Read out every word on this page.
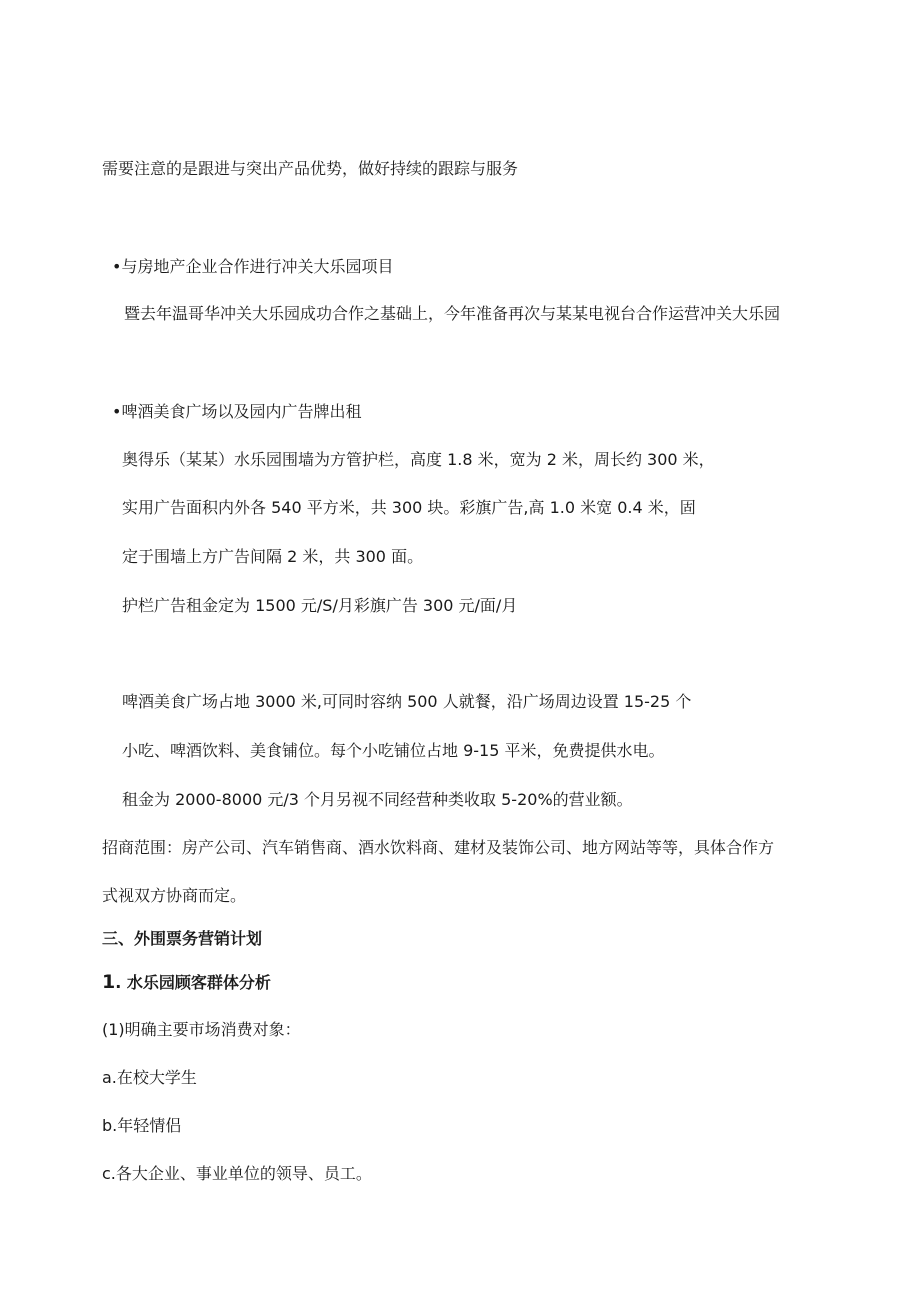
需要注意的是跟进与突出产品优势，做好持续的跟踪与服务
•与房地产企业合作进行冲关大乐园项目
暨去年温哥华冲关大乐园成功合作之基础上，今年准备再次与某某电视台合作运营冲关大乐园
•啤酒美食广场以及园内广告牌出租
奥得乐（某某）水乐园围墙为方管护栏，高度 1.8 米，宽为 2 米，周长约 300 米，
实用广告面积内外各 540 平方米，共 300 块。彩旗广告,高 1.0 米宽 0.4 米，固
定于围墙上方广告间隔 2 米，共 300 面。
护栏广告租金定为 1500 元/S/月彩旗广告 300 元/面/月
啤酒美食广场占地 3000 米,可同时容纳 500 人就餐，沿广场周边设置 15-25 个
小吃、啤酒饮料、美食铺位。每个小吃铺位占地 9-15 平米，免费提供水电。
租金为 2000-8000 元/3 个月另视不同经营种类收取 5-20%的营业额。
招商范围：房产公司、汽车销售商、酒水饮料商、建材及装饰公司、地方网站等等，具体合作方
式视双方协商而定。
三、外围票务营销计划
1. 水乐园顾客群体分析
(1)明确主要市场消费对象：
a.在校大学生
b.年轻情侣
c.各大企业、事业单位的领导、员工。
